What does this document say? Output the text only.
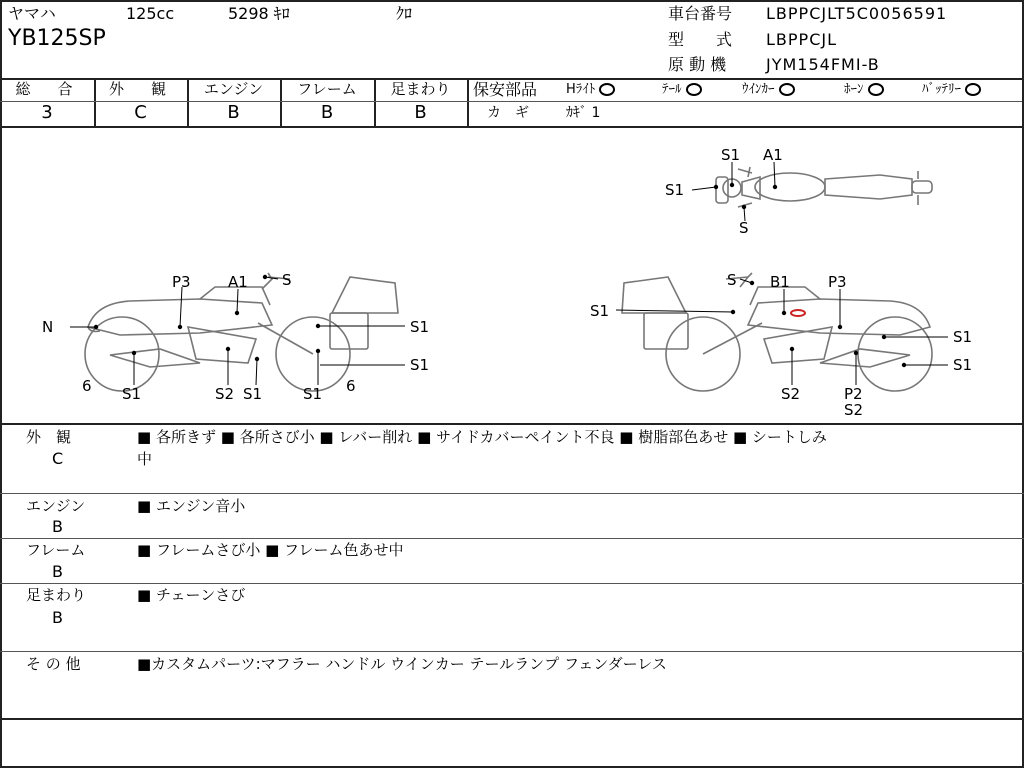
ヤマハ	125cc	5298 ｷﾛ	ｸﾛ
YB125SP
車台番号 LBPPCJLT5C0056591
型　　式 LBPPCJL
原 動 機 JYM154FMI-B
総　合	外　観	エンジン	フレーム	足まわり
3	C	B	B	B
保安部品 Hﾗｲﾄ	ﾃｰﾙ	ｳｲﾝｶｰ	ﾎｰﾝ	ﾊﾞｯﾃﾘｰ
カ　ギ	ｶｷﾞ 1
S1 A1
S1
S
P3 A1 S
N	S1
S1
6 S1	S2 S1	S1 6
S B1	P3
S1
S1
S1
S2	P2
S2
外　観
C
■ 各所きず ■ 各所さび小 ■ レバー削れ ■ サイドカバーペイント不良 ■ 樹脂部色あせ ■ シートしみ
中
エンジン
B
■ エンジン音小
フレーム
B
■ フレームさび小 ■ フレーム色あせ中
足まわり
B
■ チェーンさび
そ の 他	■カスタムパーツ:マフラー ハンドル ウインカー テールランプ フェンダーレス
